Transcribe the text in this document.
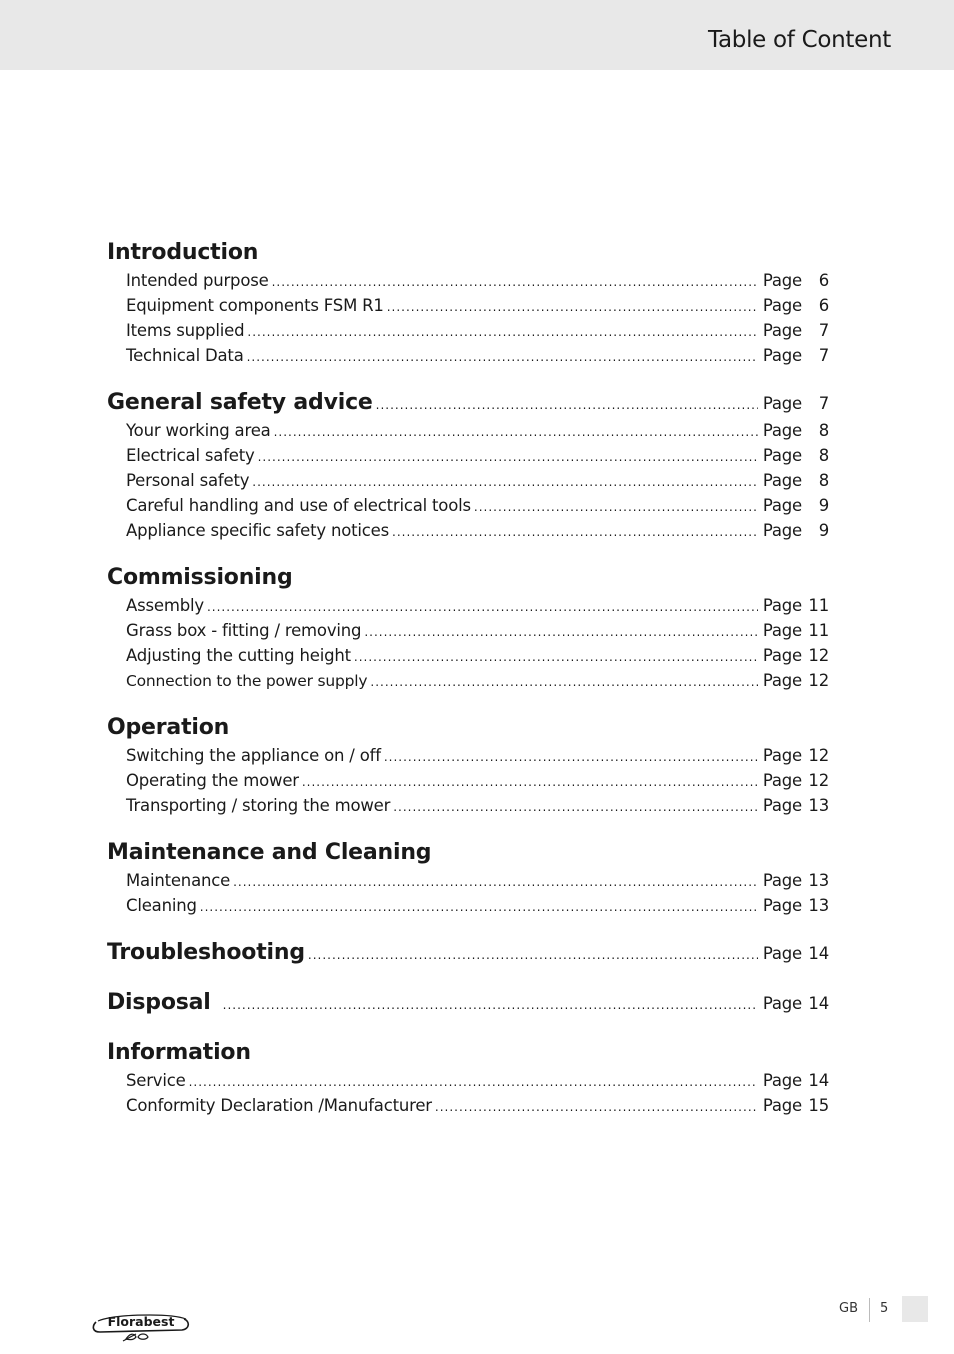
Table of Content
Introduction
Intended purpose .....	Page	6
Equipment components FSM R1 .....	Page	6
Items supplied .....	Page	7
Technical Data .....	Page	7
General safety advice .....	Page	7
Your working area .....	Page	8
Electrical safety .....	Page	8
Personal safety .....	Page	8
Careful handling and use of electrical tools .....	Page	9
Appliance specific safety notices .....	Page	9
Commissioning
Assembly .....	Page 11
Grass box - fitting / removing .....	Page 11
Adjusting the cutting height .....	Page 12
Connection to the power supply .....	Page 12
Operation
Switching the appliance on / off .....	Page 12
Operating the mower .....	Page 12
Transporting / storing the mower .....	Page 13
Maintenance and Cleaning
Maintenance .....	Page 13
Cleaning .....	Page 13
Troubleshooting .....	Page 14
Disposal .....	Page 14
Information
Service .....	Page 14
Conformity Declaration /Manufacturer .....	Page 15
Florabest
GB 5
